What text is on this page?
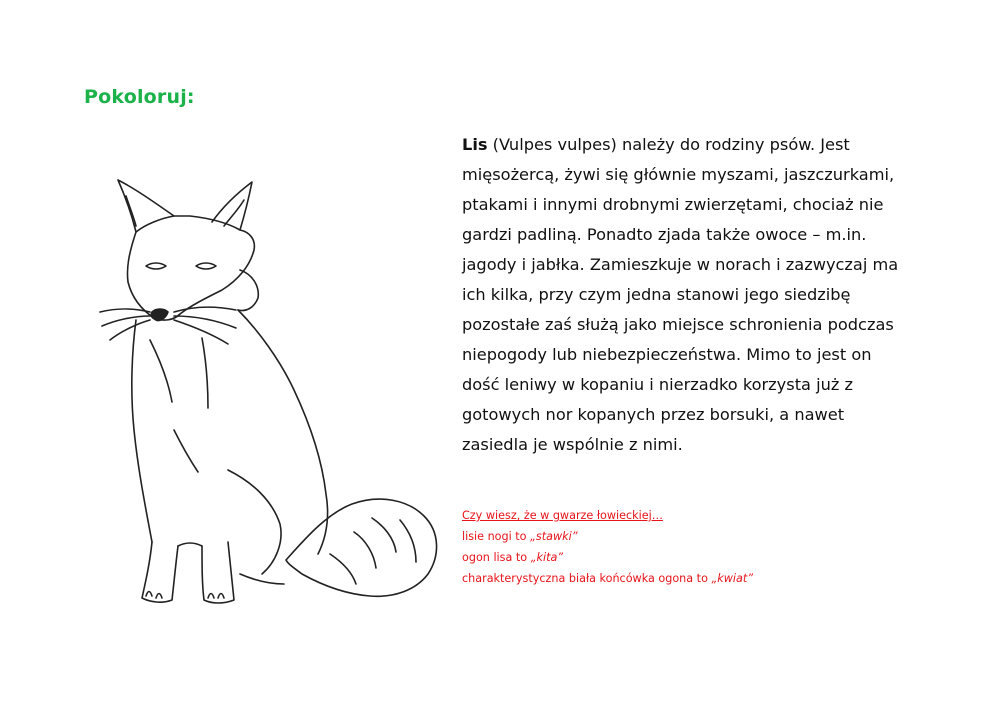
Pokoloruj:
Lis (Vulpes vulpes) należy do rodziny psów. Jest mięsożercą, żywi się głównie myszami, jaszczurkami, ptakami i innymi drobnymi zwierzętami, chociaż nie gardzi padliną. Ponadto zjada także owoce – m.in. jagody i jabłka. Zamieszkuje w norach i zazwyczaj ma ich kilka, przy czym jedna stanowi jego siedzibę pozostałe zaś służą jako miejsce schronienia podczas niepogody lub niebezpieczeństwa. Mimo to jest on dość leniwy w kopaniu i nierzadko korzysta już z gotowych nor kopanych przez borsuki, a nawet zasiedla je wspólnie z nimi.
Czy wiesz, że w gwarze łowieckiej…
lisie nogi to „stawki”
ogon lisa to „kita”
charakterystyczna biała końcówka ogona to „kwiat”
